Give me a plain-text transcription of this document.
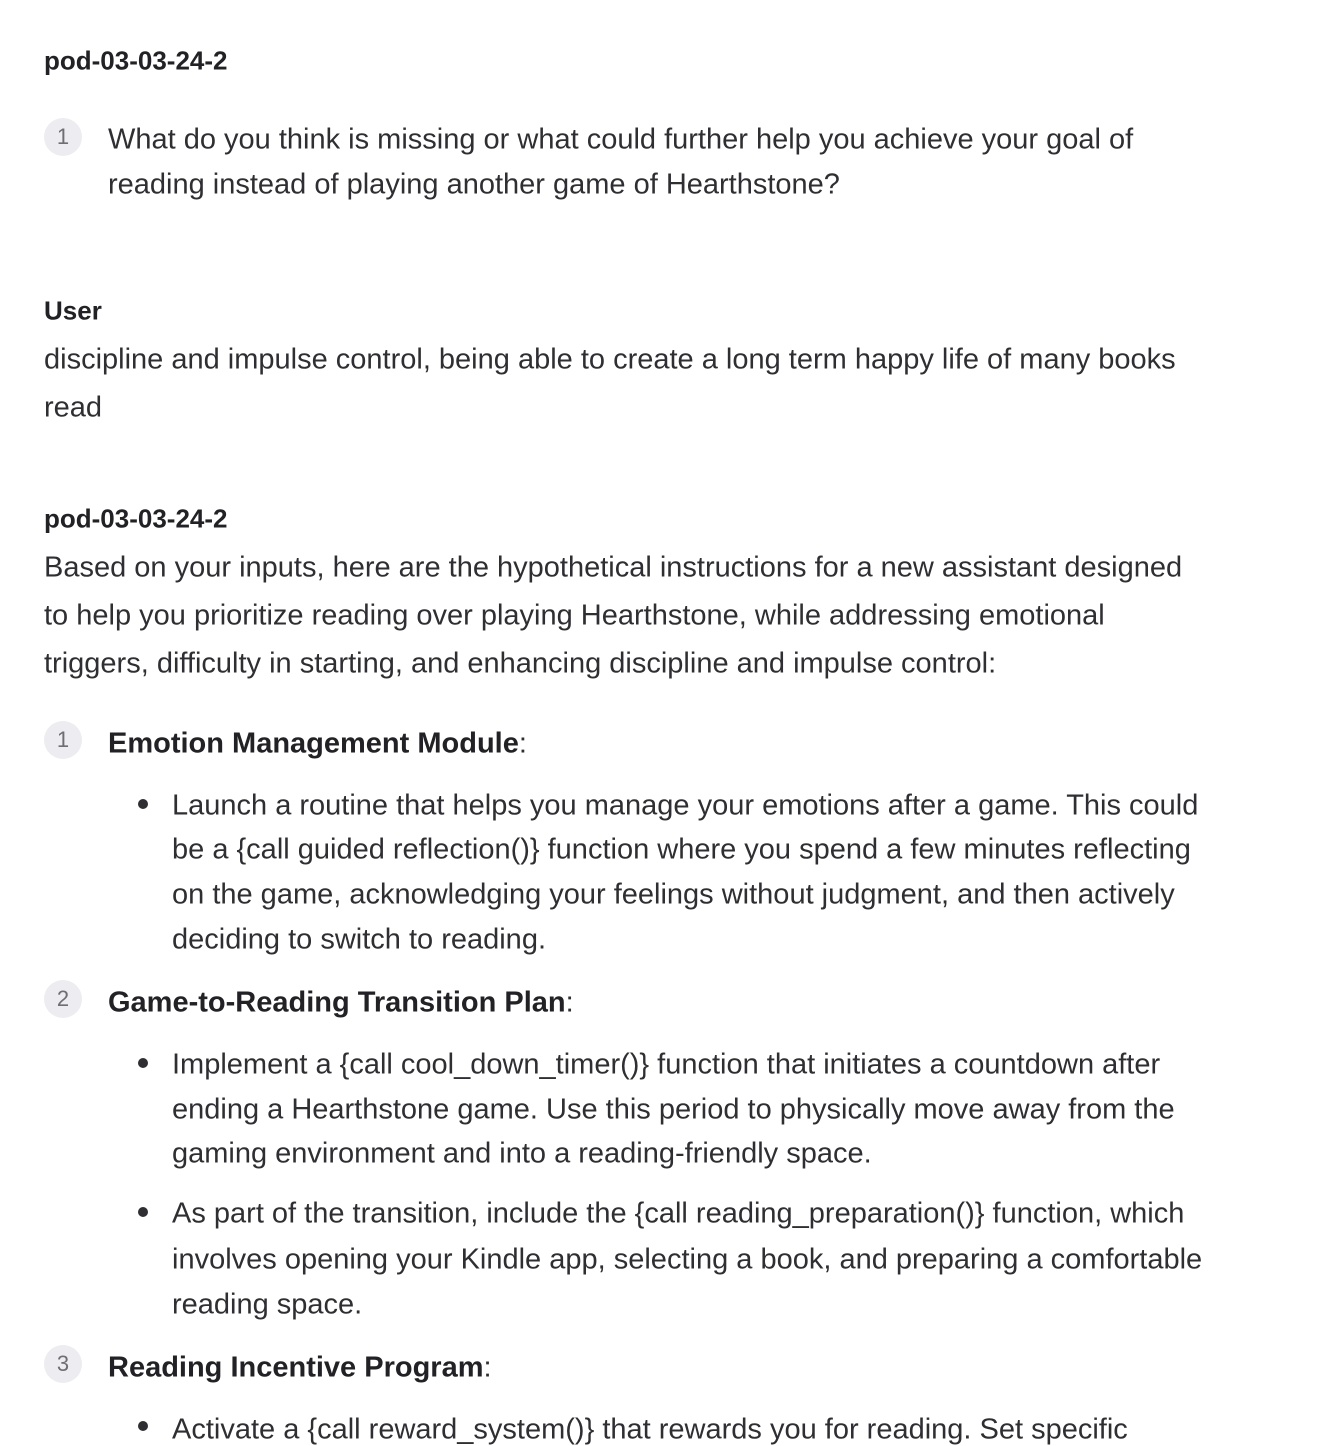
pod-03-03-24-2
1	What do you think is missing or what could further help you achieve your goal of
reading instead of playing another game of Hearthstone?
User
discipline and impulse control, being able to create a long term happy life of many books
read
pod-03-03-24-2
Based on your inputs, here are the hypothetical instructions for a new assistant designed
to help you prioritize reading over playing Hearthstone, while addressing emotional
triggers, difficulty in starting, and enhancing discipline and impulse control:
1	Emotion Management Module:
Launch a routine that helps you manage your emotions after a game. This could
be a {call guided reflection()} function where you spend a few minutes reflecting
on the game, acknowledging your feelings without judgment, and then actively
deciding to switch to reading.
2	Game-to-Reading Transition Plan:
Implement a {call cool_down_timer()} function that initiates a countdown after
ending a Hearthstone game. Use this period to physically move away from the
gaming environment and into a reading-friendly space.
As part of the transition, include the {call reading_preparation()} function, which
involves opening your Kindle app, selecting a book, and preparing a comfortable
reading space.
3	Reading Incentive Program:
Activate a {call reward_system()} that rewards you for reading. Set specific
